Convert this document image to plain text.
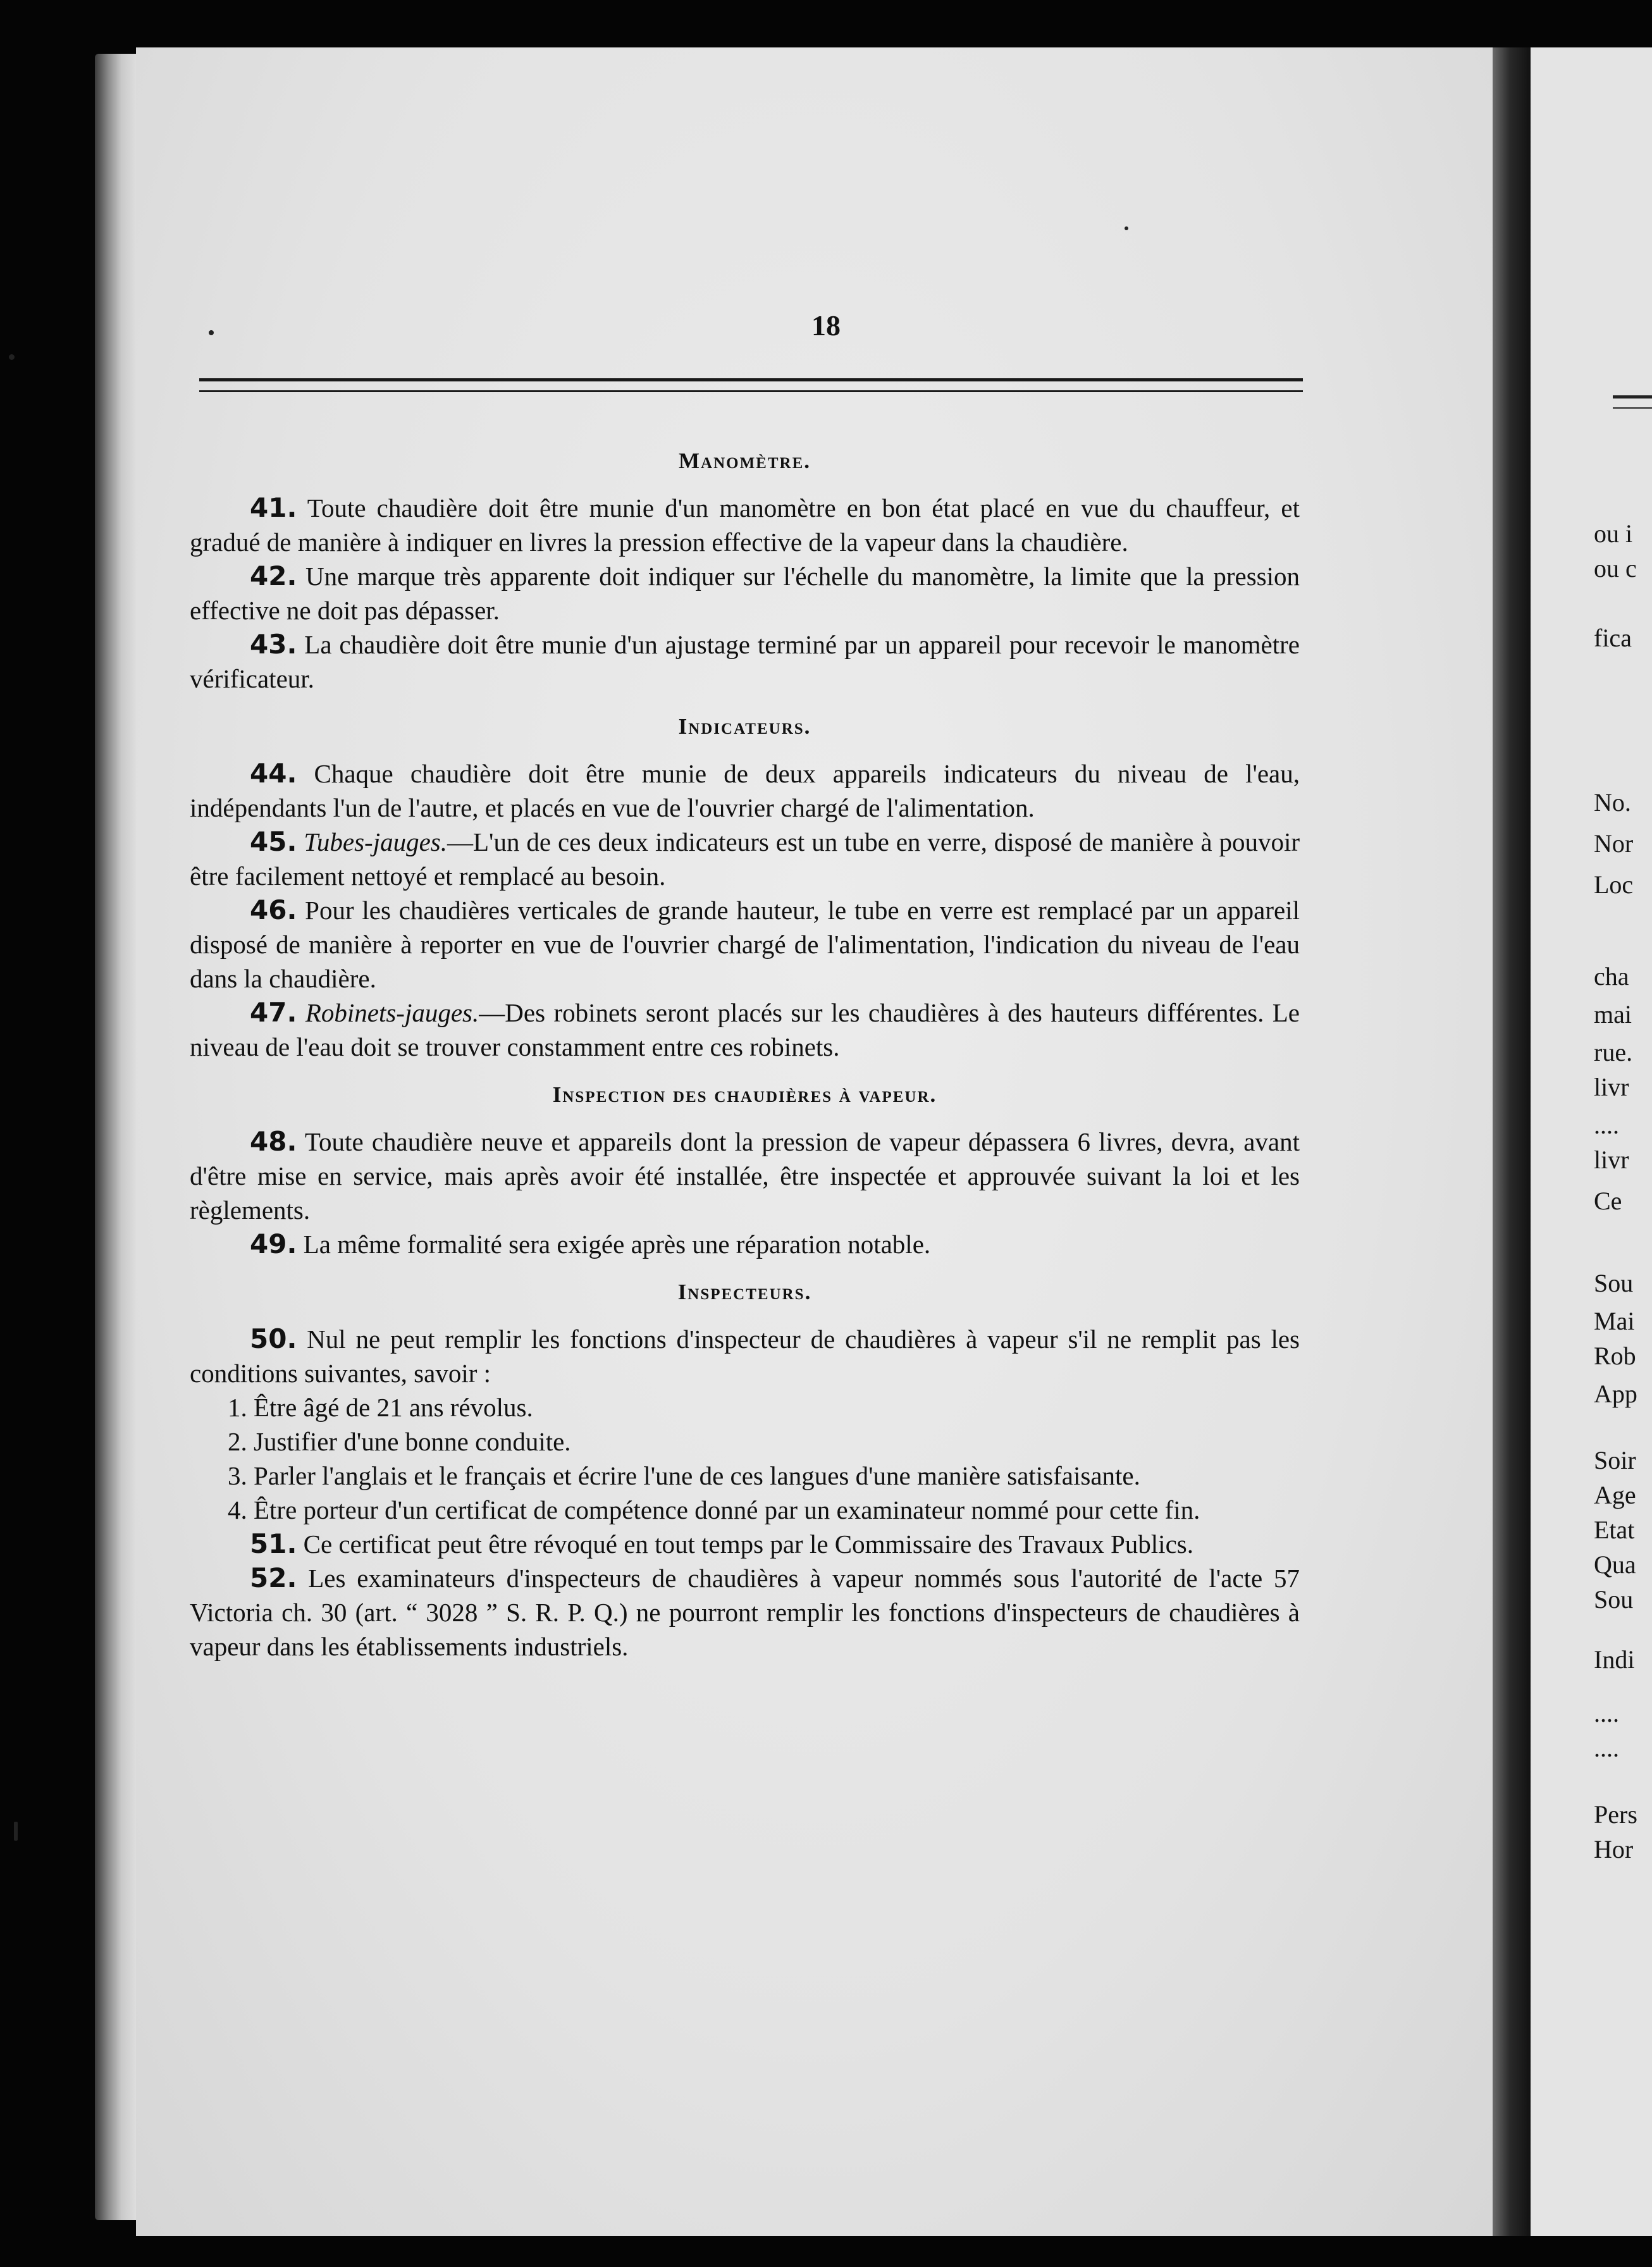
ou i
ou c
fica
No.
Nor
Loc
cha
mai
rue.
livr
....
livr
Ce
Sou
Mai
Rob
App
Soir
Age
Etat
Qua
Sou
Indi
....
....
Pers
Hor
18
Manomètre.

41. Toute chaudière doit être munie d'un manomètre en bon état placé en vue du chauffeur, et gradué de manière à indiquer en livres la pression effective de la vapeur dans la chaudière.

42. Une marque très apparente doit indiquer sur l'échelle du manomètre, la limite que la pression effective ne doit pas dépasser.

43. La chaudière doit être munie d'un ajustage terminé par un appareil pour recevoir le manomètre vérificateur.

Indicateurs.

44. Chaque chaudière doit être munie de deux appareils indicateurs du niveau de l'eau, indépendants l'un de l'autre, et placés en vue de l'ouvrier chargé de l'alimentation.

45. Tubes-jauges.—L'un de ces deux indicateurs est un tube en verre, disposé de manière à pouvoir être facilement nettoyé et remplacé au besoin.

46. Pour les chaudières verticales de grande hauteur, le tube en verre est remplacé par un appareil disposé de manière à reporter en vue de l'ouvrier chargé de l'alimentation, l'indication du niveau de l'eau dans la chaudière.

47. Robinets-jauges.—Des robinets seront placés sur les chaudières à des hauteurs différentes. Le niveau de l'eau doit se trouver constamment entre ces robinets.

Inspection des chaudières à vapeur.

48. Toute chaudière neuve et appareils dont la pression de vapeur dépassera 6 livres, devra, avant d'être mise en service, mais après avoir été installée, être inspectée et approuvée suivant la loi et les règlements.

49. La même formalité sera exigée après une réparation notable.

Inspecteurs.

50. Nul ne peut remplir les fonctions d'inspecteur de chaudières à vapeur s'il ne remplit pas les conditions suivantes, savoir :

1. Être âgé de 21 ans révolus.

2. Justifier d'une bonne conduite.

3. Parler l'anglais et le français et écrire l'une de ces langues d'une manière satisfaisante.

4. Être porteur d'un certificat de compétence donné par un examinateur nommé pour cette fin.

51. Ce certificat peut être révoqué en tout temps par le Commissaire des Travaux Publics.

52. Les examinateurs d'inspecteurs de chaudières à vapeur nommés sous l'autorité de l'acte 57 Victoria ch. 30 (art. “ 3028 ” S. R. P. Q.) ne pourront remplir les fonctions d'inspecteurs de chaudières à vapeur dans les établissements industriels.
